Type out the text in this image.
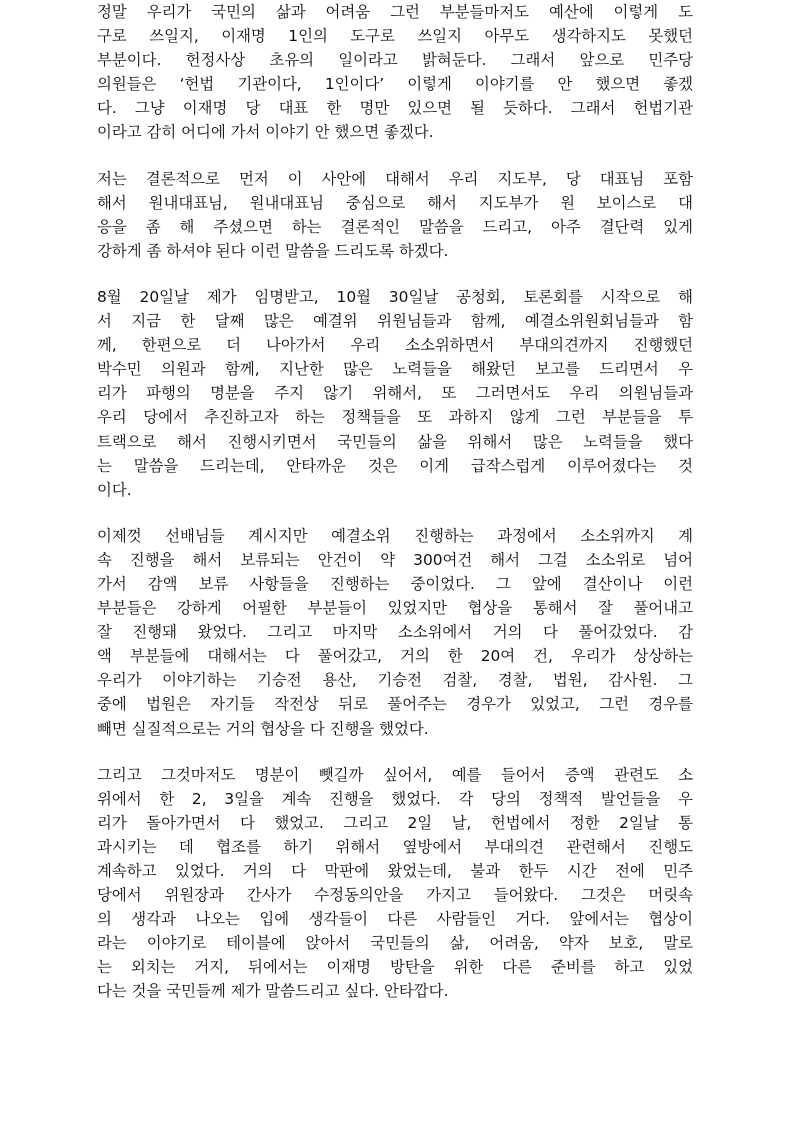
정말 우리가 국민의 삶과 어려움 그런 부분들마저도 예산에 이렇게 도
구로 쓰일지, 이재명 1인의 도구로 쓰일지 아무도 생각하지도 못했던
부분이다. 헌정사상 초유의 일이라고 밝혀둔다. 그래서 앞으로 민주당
의원들은 ‘헌법 기관이다, 1인이다’ 이렇게 이야기를 안 했으면 좋겠
다. 그냥 이재명 당 대표 한 명만 있으면 될 듯하다. 그래서 헌법기관
이라고 감히 어디에 가서 이야기 안 했으면 좋겠다.
저는 결론적으로 먼저 이 사안에 대해서 우리 지도부, 당 대표님 포함
해서 원내대표님, 원내대표님 중심으로 해서 지도부가 원 보이스로 대
응을 좀 해 주셨으면 하는 결론적인 말씀을 드리고, 아주 결단력 있게
강하게 좀 하셔야 된다 이런 말씀을 드리도록 하겠다.
8월 20일날 제가 임명받고, 10월 30일날 공청회, 토론회를 시작으로 해
서 지금 한 달째 많은 예결위 위원님들과 함께, 예결소위원회님들과 함
께, 한편으로 더 나아가서 우리 소소위하면서 부대의견까지 진행했던
박수민 의원과 함께, 지난한 많은 노력들을 해왔던 보고를 드리면서 우
리가 파행의 명분을 주지 않기 위해서, 또 그러면서도 우리 의원님들과
우리 당에서 추진하고자 하는 정책들을 또 과하지 않게 그런 부분들을 투
트랙으로 해서 진행시키면서 국민들의 삶을 위해서 많은 노력들을 했다
는 말씀을 드리는데, 안타까운 것은 이게 급작스럽게 이루어졌다는 것
이다.
이제껏 선배님들 계시지만 예결소위 진행하는 과정에서 소소위까지 계
속 진행을 해서 보류되는 안건이 약 300여건 해서 그걸 소소위로 넘어
가서 감액 보류 사항들을 진행하는 중이었다. 그 앞에 결산이나 이런
부분들은 강하게 어필한 부분들이 있었지만 협상을 통해서 잘 풀어내고
잘 진행돼 왔었다. 그리고 마지막 소소위에서 거의 다 풀어갔었다. 감
액 부분들에 대해서는 다 풀어갔고, 거의 한 20여 건, 우리가 상상하는
우리가 이야기하는 기승전 용산, 기승전 검찰, 경찰, 법원, 감사원. 그
중에 법원은 자기들 작전상 뒤로 풀어주는 경우가 있었고, 그런 경우를
빼면 실질적으로는 거의 협상을 다 진행을 했었다.
그리고 그것마저도 명분이 뺏길까 싶어서, 예를 들어서 증액 관련도 소
위에서 한 2, 3일을 계속 진행을 했었다. 각 당의 정책적 발언들을 우
리가 돌아가면서 다 했었고. 그리고 2일 날, 헌법에서 정한 2일날 통
과시키는 데 협조를 하기 위해서 옆방에서 부대의견 관련해서 진행도
계속하고 있었다. 거의 다 막판에 왔었는데, 불과 한두 시간 전에 민주
당에서 위원장과 간사가 수정동의안을 가지고 들어왔다. 그것은 머릿속
의 생각과 나오는 입에 생각들이 다른 사람들인 거다. 앞에서는 협상이
라는 이야기로 테이블에 앉아서 국민들의 삶, 어려움, 약자 보호, 말로
는 외치는 거지, 뒤에서는 이재명 방탄을 위한 다른 준비를 하고 있었
다는 것을 국민들께 제가 말씀드리고 싶다. 안타깝다.
